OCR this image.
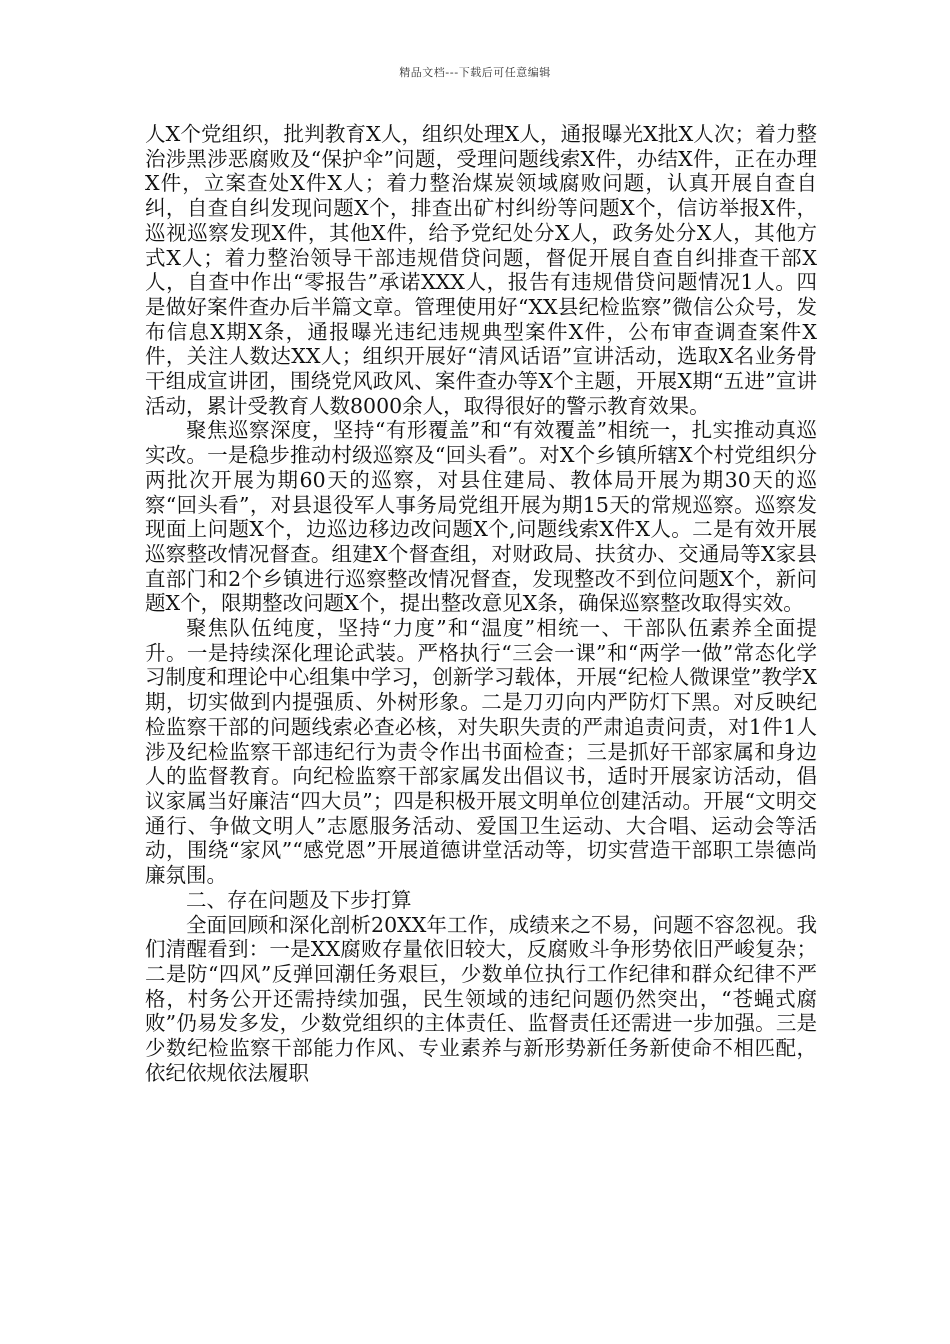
精品文档---下载后可任意编辑

人X个党组织，批判教育X人，组织处理X人，通报曝光X批X人次；着力整治涉黑涉恶腐败及“保护伞”问题，受理问题线索X件，办结X件，正在办理X件，立案查处X件X人；着力整治煤炭领域腐败问题，认真开展自查自纠，自查自纠发现问题X个，排查出矿村纠纷等问题X个，信访举报X件，巡视巡察发现X件，其他X件，给予党纪处分X人，政务处分X人，其他方式X人；着力整治领导干部违规借贷问题，督促开展自查自纠排查干部X人，自查中作出“零报告”承诺XXX人，报告有违规借贷问题情况1人。四是做好案件查办后半篇文章。管理使用好“XX县纪检监察”微信公众号，发布信息X期X条，通报曝光违纪违规典型案件X件，公布审查调查案件X件，关注人数达XX人；组织开展好“清风话语”宣讲活动，选取X名业务骨干组成宣讲团，围绕党风政风、案件查办等X个主题，开展X期“五进”宣讲活动，累计受教育人数8000余人，取得很好的警示教育效果。

聚焦巡察深度，坚持“有形覆盖”和“有效覆盖”相统一，扎实推动真巡实改。一是稳步推动村级巡察及“回头看”。对X个乡镇所辖X个村党组织分两批次开展为期60天的巡察，对县住建局、教体局开展为期30天的巡察“回头看”，对县退役军人事务局党组开展为期15天的常规巡察。巡察发现面上问题X个，边巡边移边改问题X个,问题线索X件X人。二是有效开展巡察整改情况督查。组建X个督查组，对财政局、扶贫办、交通局等X家县直部门和2个乡镇进行巡察整改情况督查，发现整改不到位问题X个，新问题X个，限期整改问题X个，提出整改意见X条，确保巡察整改取得实效。

聚焦队伍纯度，坚持“力度”和“温度”相统一、干部队伍素养全面提升。一是持续深化理论武装。严格执行“三会一课”和“两学一做”常态化学习制度和理论中心组集中学习，创新学习载体，开展“纪检人微课堂”教学X期，切实做到内提强质、外树形象。二是刀刃向内严防灯下黑。对反映纪检监察干部的问题线索必查必核，对失职失责的严肃追责问责，对1件1人涉及纪检监察干部违纪行为责令作出书面检查；三是抓好干部家属和身边人的监督教育。向纪检监察干部家属发出倡议书，适时开展家访活动，倡议家属当好廉洁“四大员”；四是积极开展文明单位创建活动。开展“文明交通行、争做文明人”志愿服务活动、爱国卫生运动、大合唱、运动会等活动，围绕“家风”“感党恩”开展道德讲堂活动等，切实营造干部职工崇德尚廉氛围。

二、存在问题及下步打算

全面回顾和深化剖析20XX年工作，成绩来之不易，问题不容忽视。我们清醒看到：一是XX腐败存量依旧较大，反腐败斗争形势依旧严峻复杂；二是防“四风”反弹回潮任务艰巨，少数单位执行工作纪律和群众纪律不严格，村务公开还需持续加强，民生领域的违纪问题仍然突出，“苍蝇式腐败”仍易发多发，少数党组织的主体责任、监督责任还需进一步加强。三是少数纪检监察干部能力作风、专业素养与新形势新任务新使命不相匹配，依纪依规依法履职
